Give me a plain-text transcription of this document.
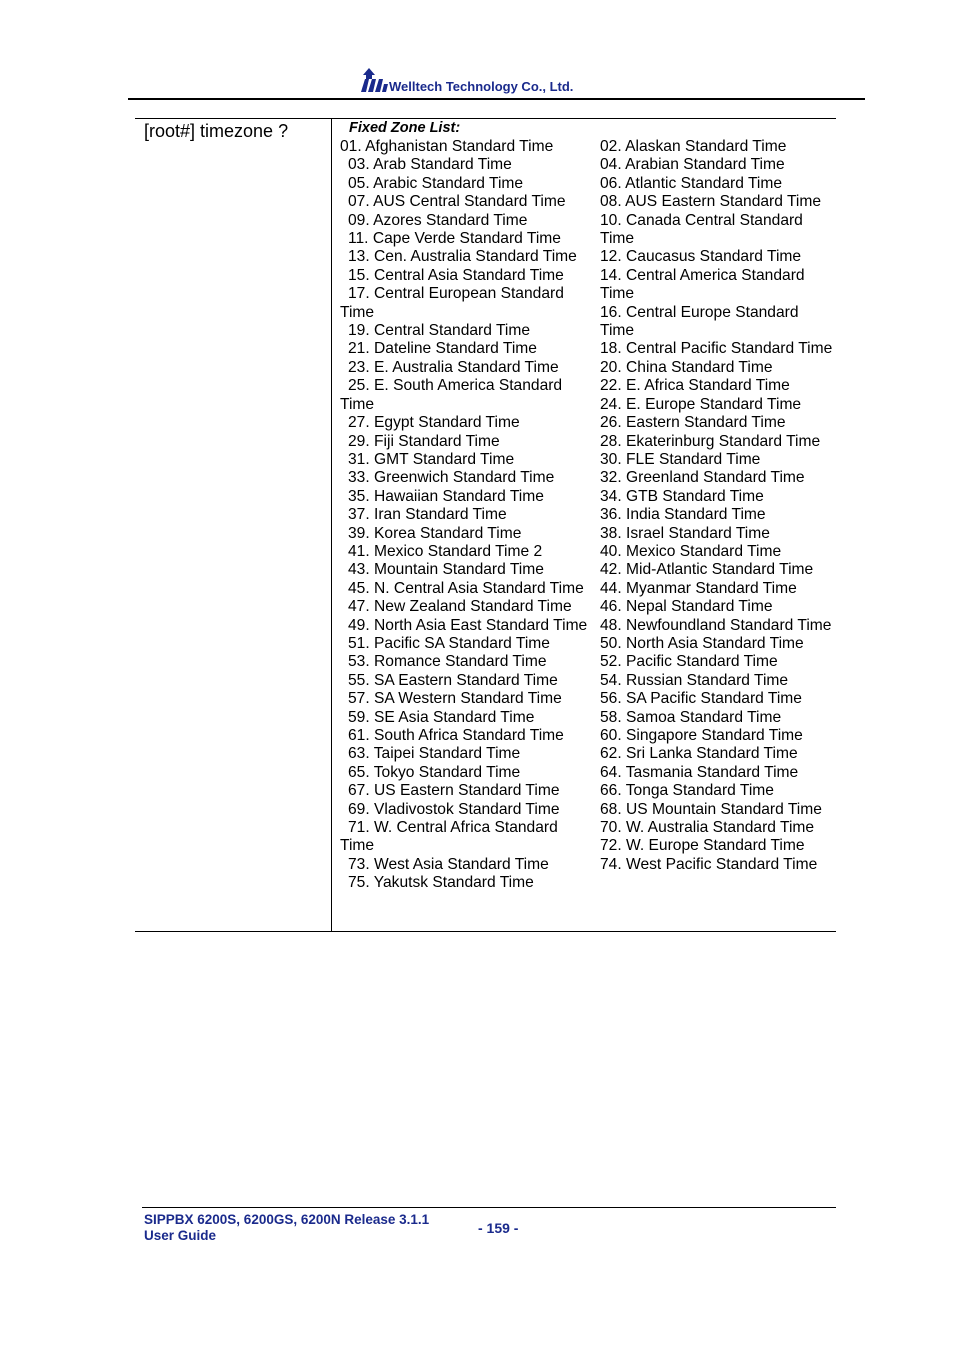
Welltech Technology Co., Ltd.
[root#] timezone ?	Fixed Zone List:
01. Afghanistan Standard Time
03. Arab Standard Time
05. Arabic Standard Time
07. AUS Central Standard Time
09. Azores Standard Time
11. Cape Verde Standard Time
13. Cen. Australia Standard Time
15. Central Asia Standard Time
17. Central European Standard Time
19. Central Standard Time
21. Dateline Standard Time
23. E. Australia Standard Time
25. E. South America Standard Time
27. Egypt Standard Time
29. Fiji Standard Time
31. GMT Standard Time
33. Greenwich Standard Time
35. Hawaiian Standard Time
37. Iran Standard Time
39. Korea Standard Time
41. Mexico Standard Time 2
43. Mountain Standard Time
45. N. Central Asia Standard Time
47. New Zealand Standard Time
49. North Asia East Standard Time
51. Pacific SA Standard Time
53. Romance Standard Time
55. SA Eastern Standard Time
57. SA Western Standard Time
59. SE Asia Standard Time
61. South Africa Standard Time
63. Taipei Standard Time
65. Tokyo Standard Time
67. US Eastern Standard Time
69. Vladivostok Standard Time
71. W. Central Africa Standard Time
73. West Asia Standard Time
75. Yakutsk Standard Time
02. Alaskan Standard Time
04. Arabian Standard Time
06. Atlantic Standard Time
08. AUS Eastern Standard Time
10. Canada Central Standard Time
12. Caucasus Standard Time
14. Central America Standard Time
16. Central Europe Standard Time
18. Central Pacific Standard Time
20. China Standard Time
22. E. Africa Standard Time
24. E. Europe Standard Time
26. Eastern Standard Time
28. Ekaterinburg Standard Time
30. FLE Standard Time
32. Greenland Standard Time
34. GTB Standard Time
36. India Standard Time
38. Israel Standard Time
40. Mexico Standard Time
42. Mid-Atlantic Standard Time
44. Myanmar Standard Time
46. Nepal Standard Time
48. Newfoundland Standard Time
50. North Asia Standard Time
52. Pacific Standard Time
54. Russian Standard Time
56. SA Pacific Standard Time
58. Samoa Standard Time
60. Singapore Standard Time
62. Sri Lanka Standard Time
64. Tasmania Standard Time
66. Tonga Standard Time
68. US Mountain Standard Time
70. W. Australia Standard Time
72. W. Europe Standard Time
74. West Pacific Standard Time
SIPPBX 6200S, 6200GS, 6200N Release 3.1.1
User Guide	- 159 -
